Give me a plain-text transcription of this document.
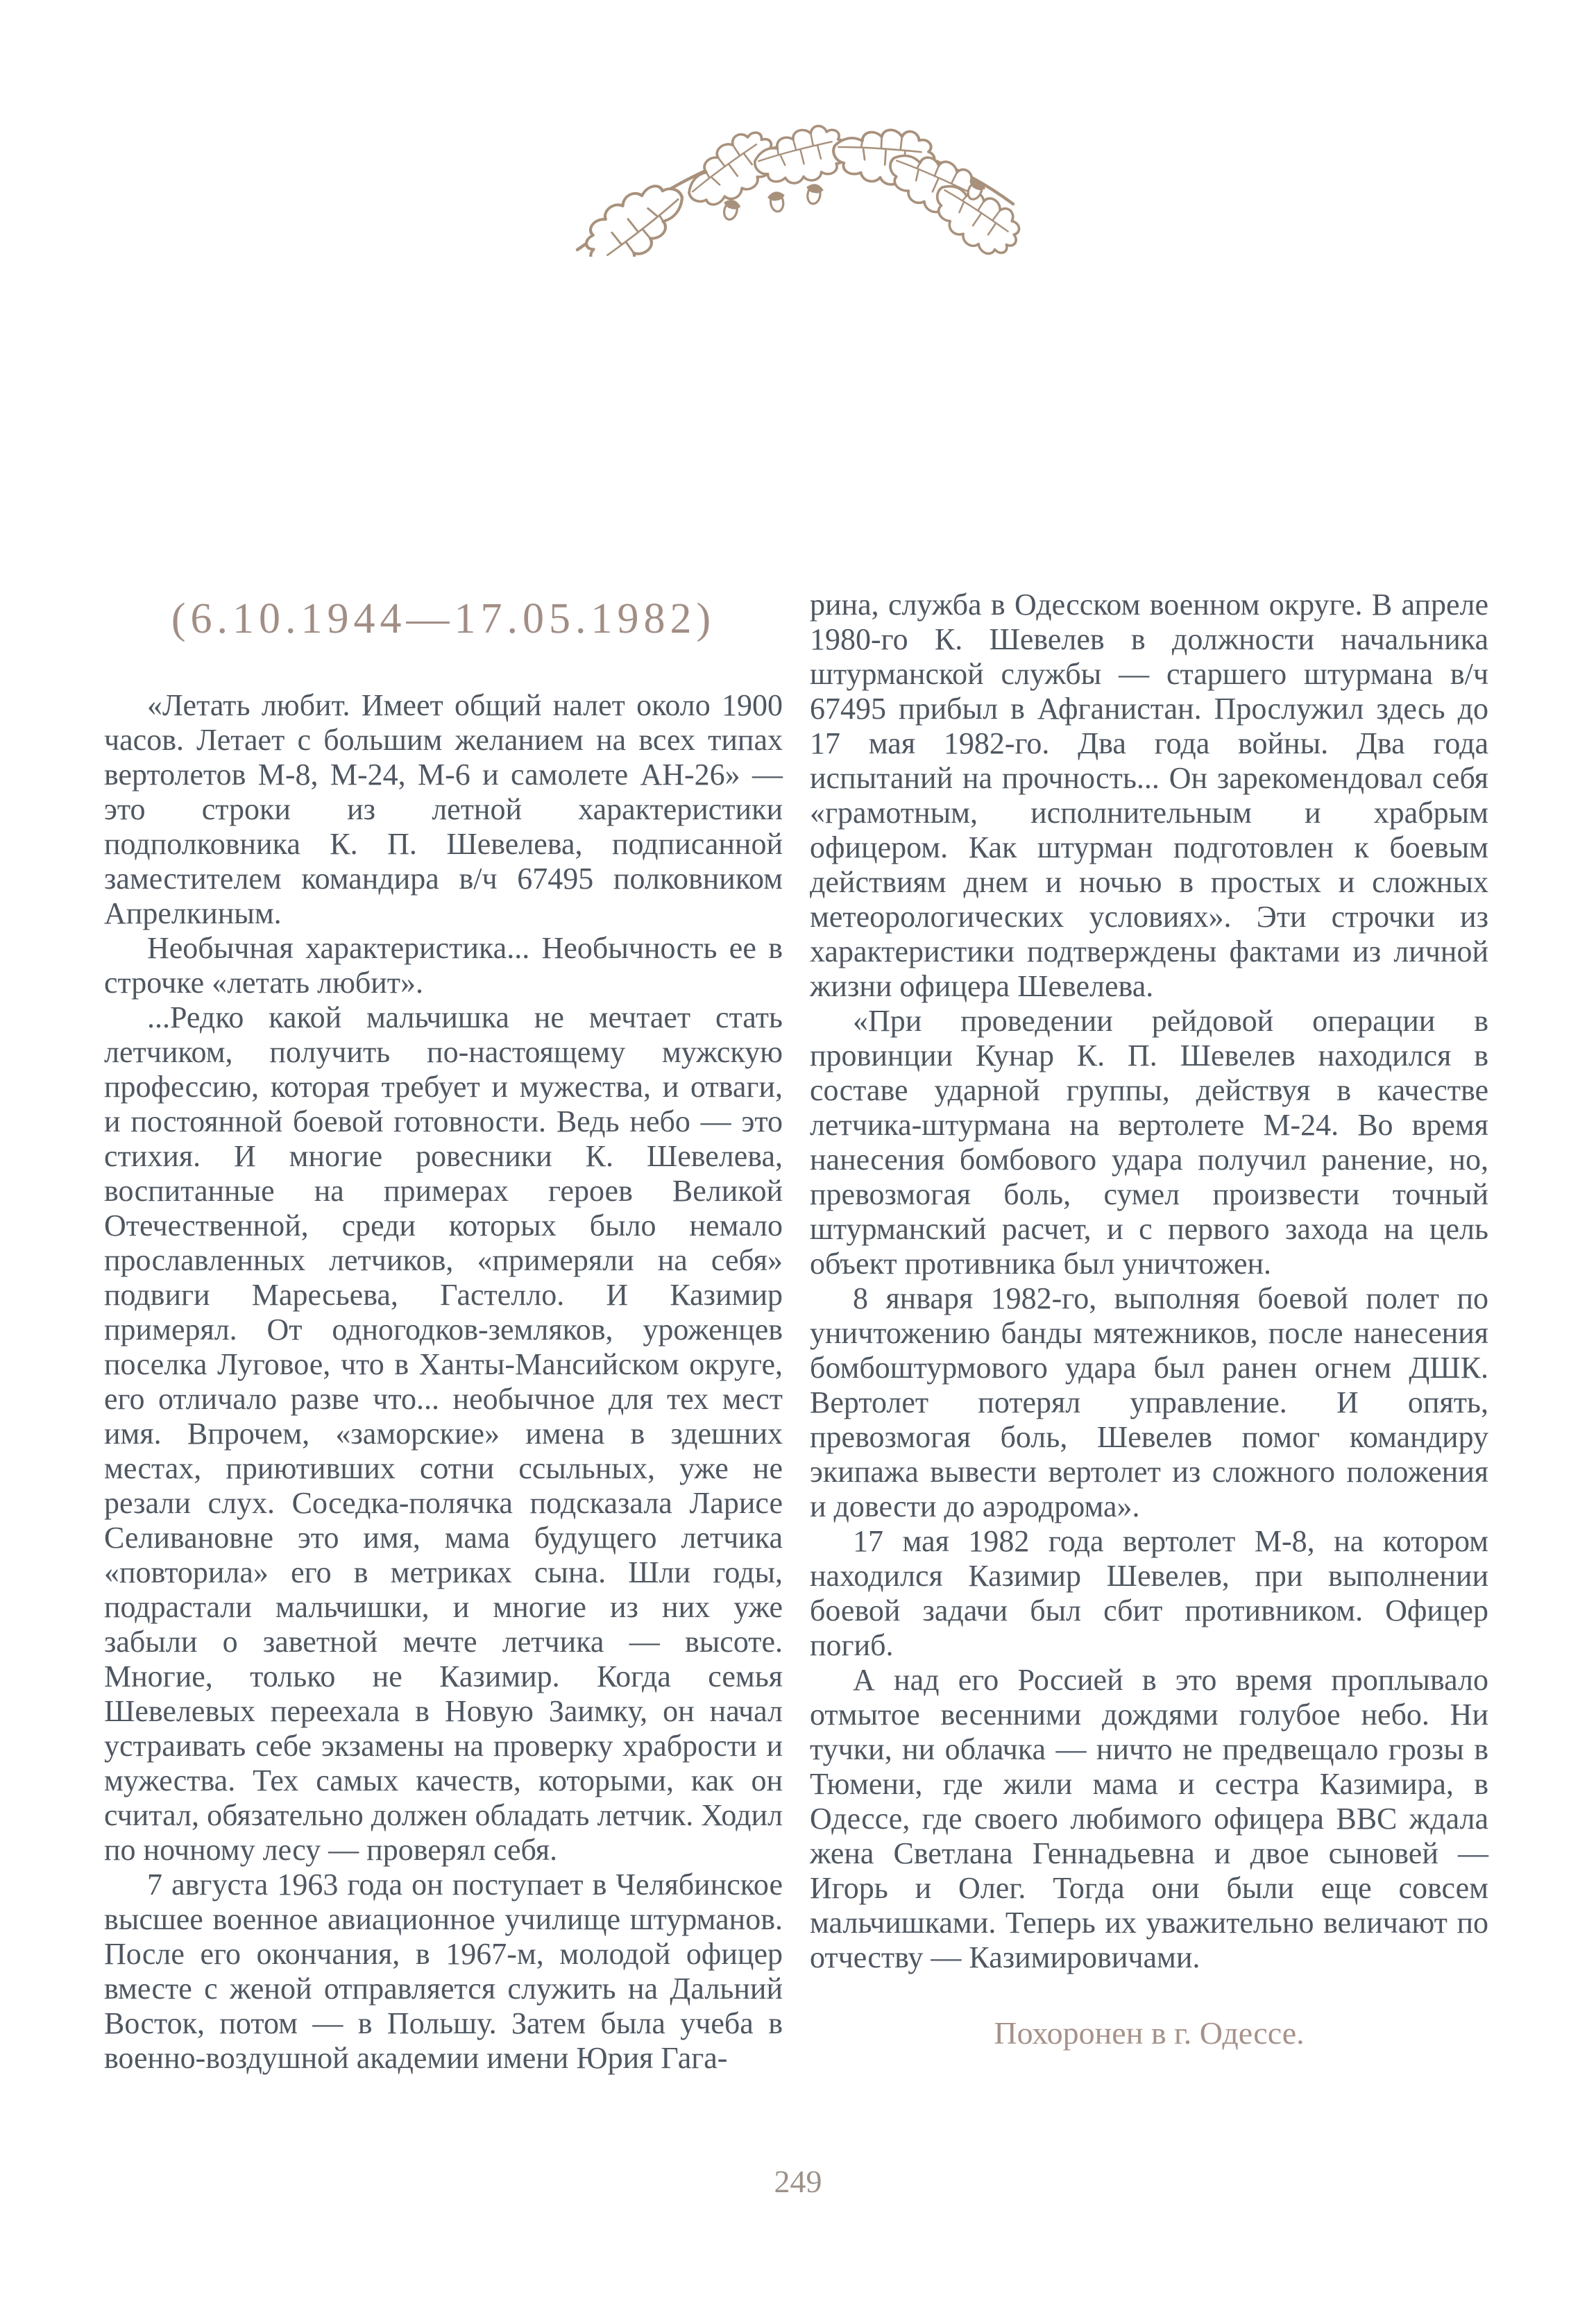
(6.10.1944—17.05.1982)

«Летать любит. Имеет общий налет около 1900 часов. Летает с большим желанием на всех типах вертолетов М-8, М-24, М-6 и самолете АН-26» — это строки из летной характеристики подполковника К. П. Шевелева, подписанной заместителем командира в/ч 67495 полковником Апрелкиным.

Необычная характеристика... Необычность ее в строчке «летать любит».

...Редко какой мальчишка не мечтает стать летчиком, получить по-настоящему мужскую профессию, которая требует и мужества, и отваги, и постоянной боевой готовности. Ведь небо — это стихия. И многие ровесники К. Шевелева, воспитанные на примерах героев Великой Отечественной, среди которых было немало прославленных летчиков, «примеряли на себя» подвиги Маресьева, Гастелло. И Казимир примерял. От одногодков-земляков, уроженцев поселка Луговое, что в Ханты-Мансийском округе, его отличало разве что... необычное для тех мест имя. Впрочем, «заморские» имена в здешних местах, приютивших сотни ссыльных, уже не резали слух. Соседка-полячка подсказала Ларисе Селивановне это имя, мама будущего летчика «повторила» его в метриках сына. Шли годы, подрастали мальчишки, и многие из них уже забыли о заветной мечте летчика — высоте. Многие, только не Казимир. Когда семья Шевелевых переехала в Новую Заимку, он начал устраивать себе экзамены на проверку храбрости и мужества. Тех самых качеств, которыми, как он считал, обязательно должен обладать летчик. Ходил по ночному лесу — проверял себя.

7 августа 1963 года он поступает в Челябинское высшее военное авиационное училище штурманов. После его окончания, в 1967-м, молодой офицер вместе с женой отправляется служить на Дальний Восток, потом — в Польшу. Затем была учеба в военно-воздушной академии имени Юрия Гага-

рина, служба в Одесском военном округе. В апреле 1980-го К. Шевелев в должности начальника штурманской службы — старшего штурмана в/ч 67495 прибыл в Афганистан. Прослужил здесь до 17 мая 1982-го. Два года войны. Два года испытаний на прочность... Он зарекомендовал себя «грамотным, исполнительным и храбрым офицером. Как штурман подготовлен к боевым действиям днем и ночью в простых и сложных метеорологических условиях». Эти строчки из характеристики подтверждены фактами из личной жизни офицера Шевелева.

«При проведении рейдовой операции в провинции Кунар К. П. Шевелев находился в составе ударной группы, действуя в качестве летчика-штурмана на вертолете М-24. Во время нанесения бомбового удара получил ранение, но, превозмогая боль, сумел произвести точный штурманский расчет, и с первого захода на цель объект противника был уничтожен.

8 января 1982-го, выполняя боевой полет по уничтожению банды мятежников, после нанесения бомбоштурмового удара был ранен огнем ДШК. Вертолет потерял управление. И опять, превозмогая боль, Шевелев помог командиру экипажа вывести вертолет из сложного положения и довести до аэродрома».

17 мая 1982 года вертолет М-8, на котором находился Казимир Шевелев, при выполнении боевой задачи был сбит противником. Офицер погиб.

А над его Россией в это время проплывало отмытое весенними дождями голубое небо. Ни тучки, ни облачка — ничто не предвещало грозы в Тюмени, где жили мама и сестра Казимира, в Одессе, где своего любимого офицера ВВС ждала жена Светлана Геннадьевна и двое сыновей — Игорь и Олег. Тогда они были еще совсем мальчишками. Теперь их уважительно величают по отчеству — Казимировичами.

Похоронен в г. Одессе.
249
